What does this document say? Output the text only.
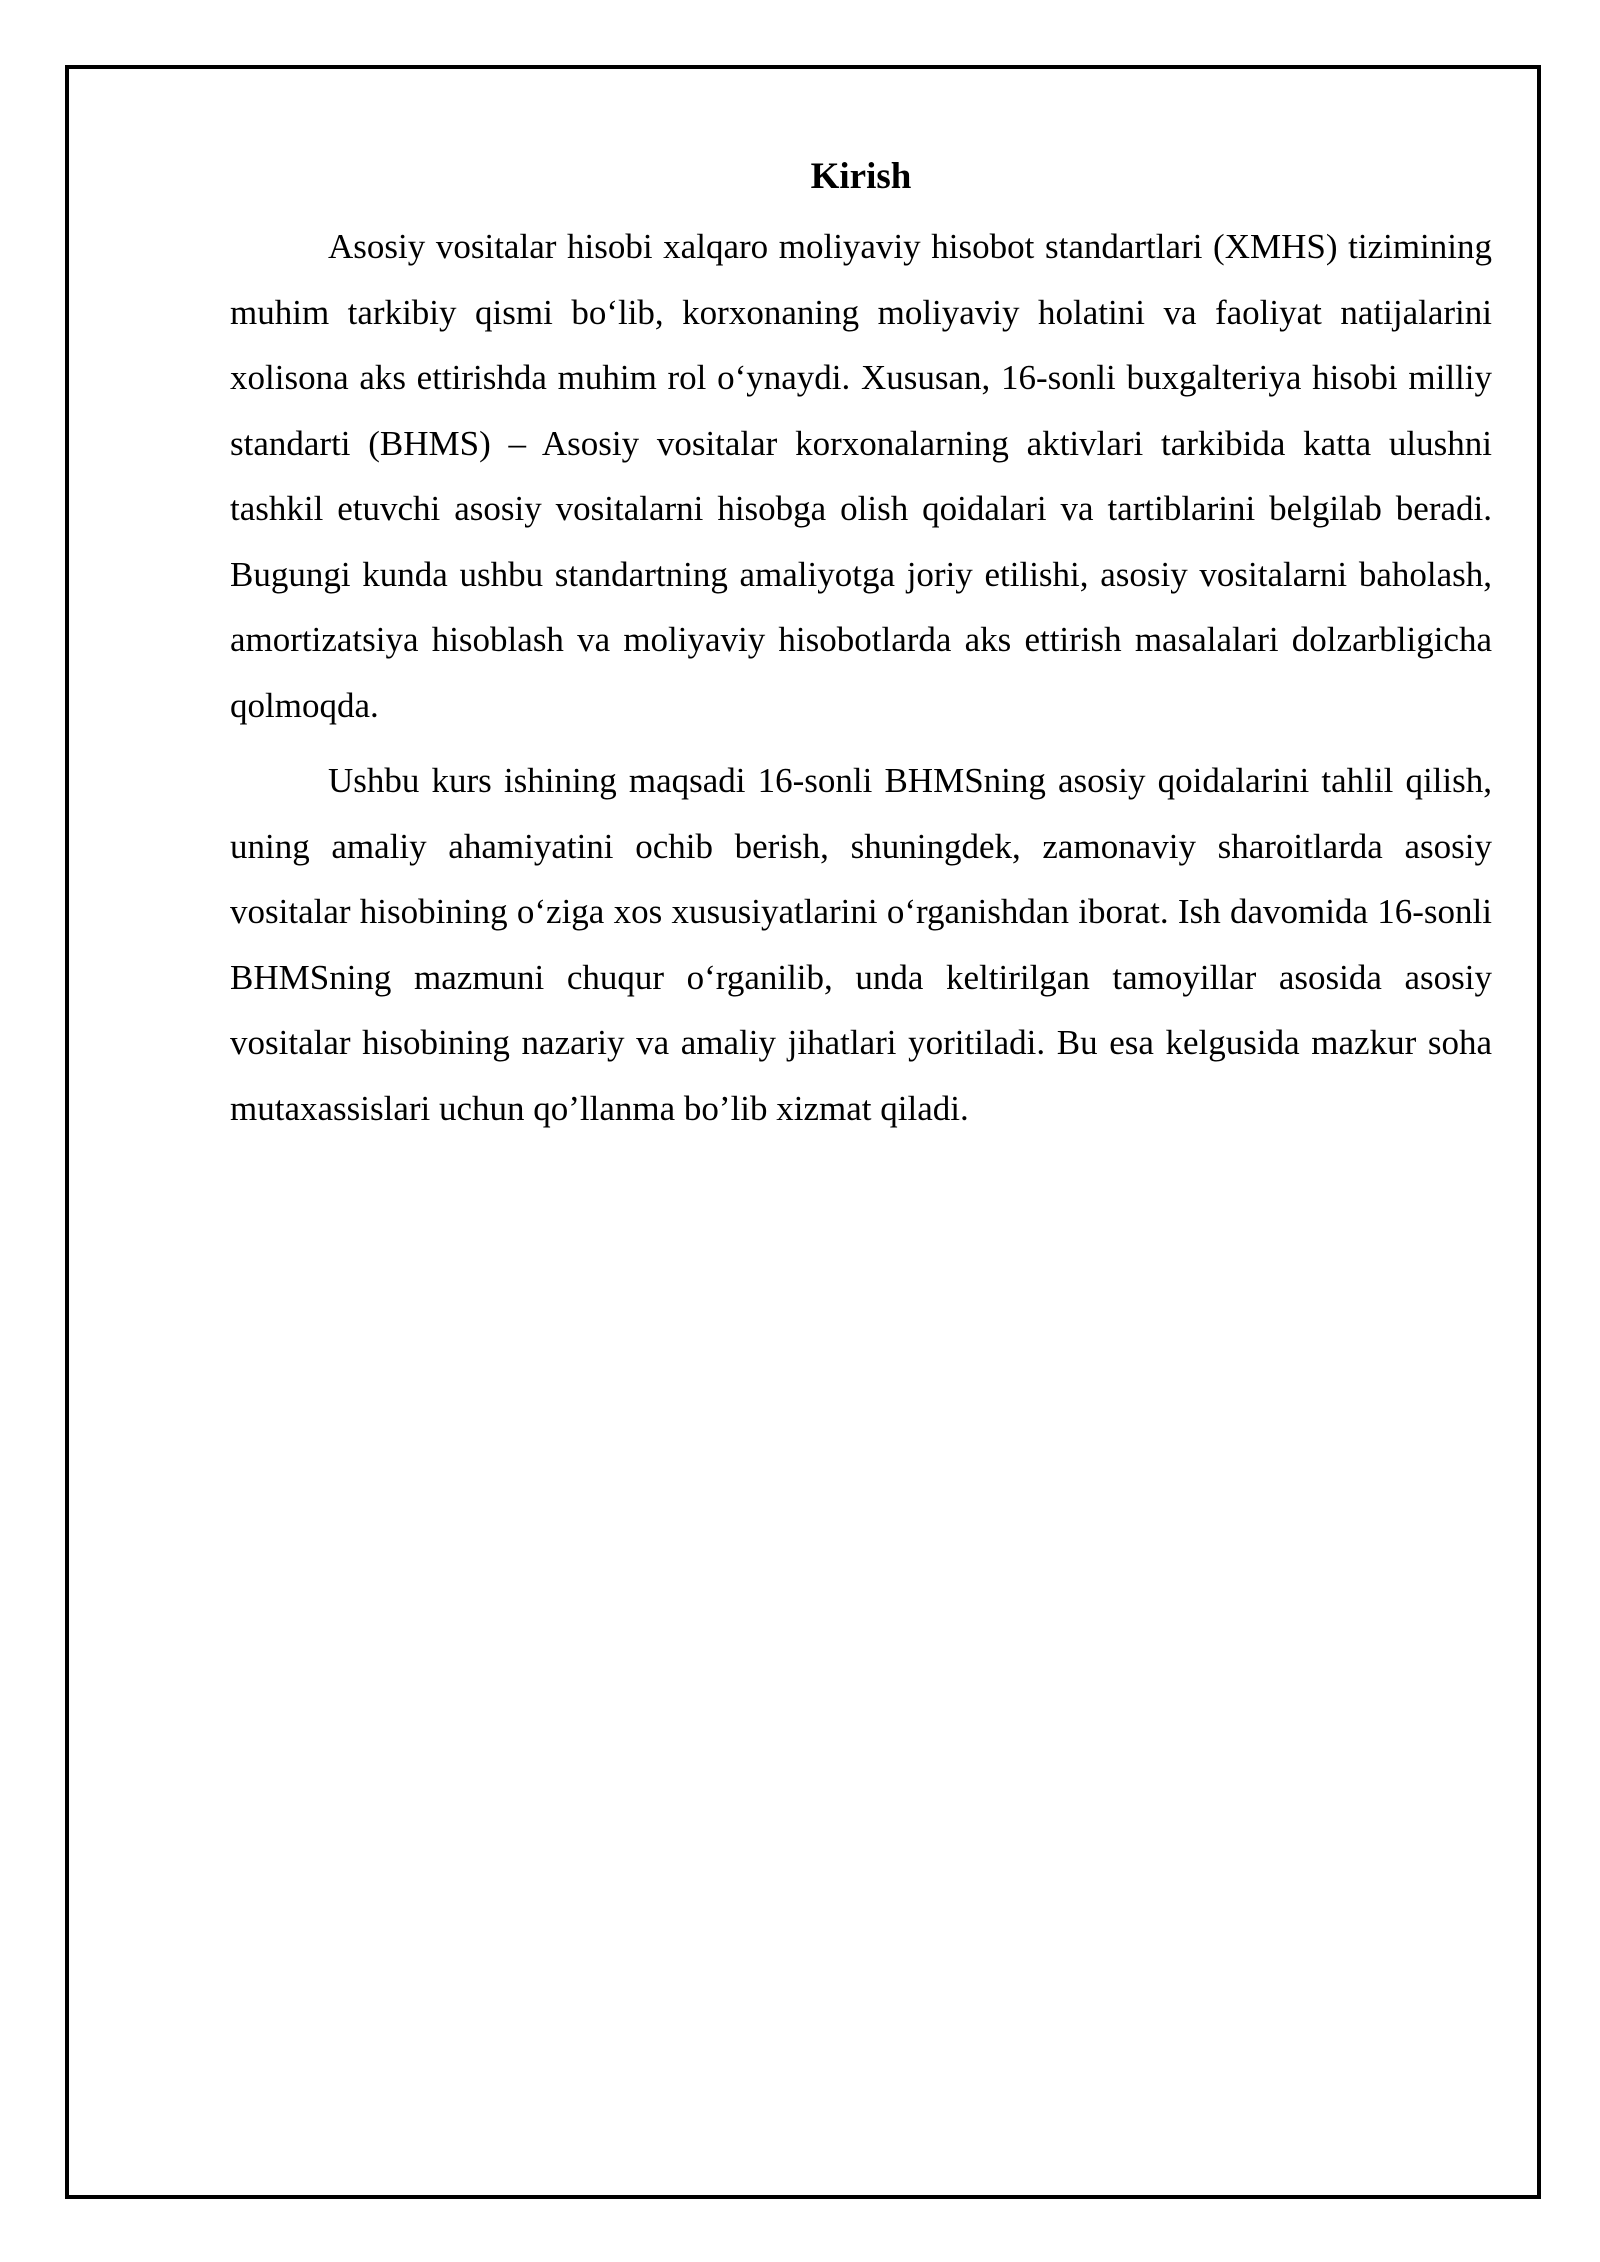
Kirish

Asosiy vositalar hisobi xalqaro moliyaviy hisobot standartlari (XMHS) tizimining muhim tarkibiy qismi bo‘lib, korxonaning moliyaviy holatini va faoliyat natijalarini xolisona aks ettirishda muhim rol o‘ynaydi. Xususan, 16-sonli buxgalteriya hisobi milliy standarti (BHMS) – Asosiy vositalar korxonalarning aktivlari tarkibida katta ulushni tashkil etuvchi asosiy vositalarni hisobga olish qoidalari va tartiblarini belgilab beradi. Bugungi kunda ushbu standartning amaliyotga joriy etilishi, asosiy vositalarni baholash, amortizatsiya hisoblash va moliyaviy hisobotlarda aks ettirish masalalari dolzarbligicha qolmoqda.

Ushbu kurs ishining maqsadi 16-sonli BHMSning asosiy qoidalarini tahlil qilish, uning amaliy ahamiyatini ochib berish, shuningdek, zamonaviy sharoitlarda asosiy vositalar hisobining o‘ziga xos xususiyatlarini o‘rganishdan iborat. Ish davomida 16-sonli BHMSning mazmuni chuqur o‘rganilib, unda keltirilgan tamoyillar asosida asosiy vositalar hisobining nazariy va amaliy jihatlari yoritiladi. Bu esa kelgusida mazkur soha mutaxassislari uchun qo’llanma bo’lib xizmat qiladi.
